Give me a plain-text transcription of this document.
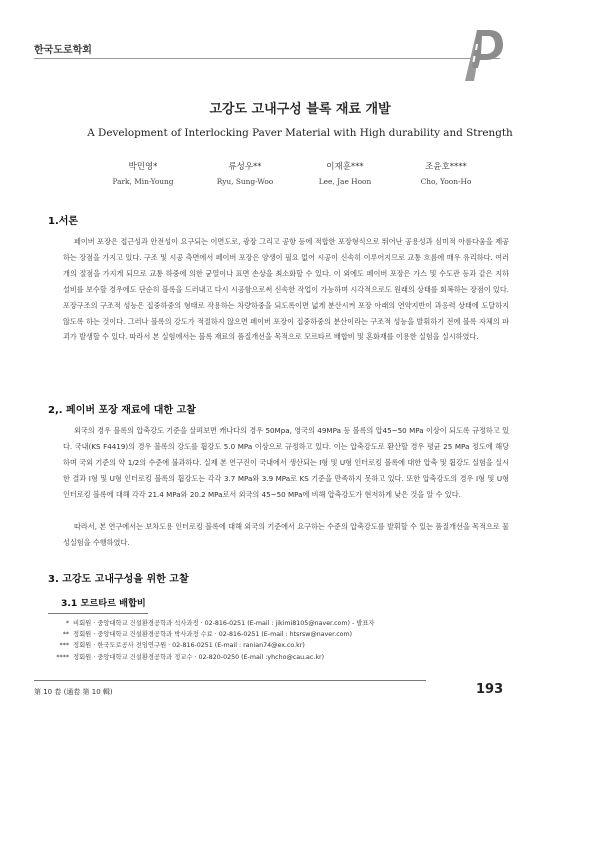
한국도로학회
고강도 고내구성 블록 재료 개발
A Development of Interlocking Paver Material with High durability and Strength
박민영*
Park, Min-Young
류성우**
Ryu, Sung-Woo
이재훈***
Lee, Jae Hoon
조윤호****
Cho, Yoon-Ho
1.서론
페이버 포장은 접근성과 안전성이 요구되는 이면도로, 광장 그리고 공항 등에 적합한 포장형식으로 뛰어난 공용성과 심미적 아름다움을 제공하는 장점을 가지고 있다. 구조 및 시공 측면에서 페이버 포장은 양생이 필요 없어 시공이 신속히 이루어지므로 교통 흐름에 매우 유리하다. 여러 개의 절점을 가지게 되므로 교통 하중에 의한 균열이나 표면 손상을 최소화할 수 있다. 이 외에도 페이버 포장은 가스 및 수도관 등과 같은 지하 설비를 보수할 경우에도 단순히 블록을 드러내고 다시 시공함으로써 신속한 작업이 가능하며 시각적으로도 원래의 상태를 회복하는 장점이 있다. 포장구조의 구조적 성능은 집중하중의 형태로 작용하는 차량하중을 되도록이면 넓게 분산시켜 포장 아래의 연약지반이 과응력 상태에 도달하지 않도록 하는 것이다. 그러나 블록의 강도가 적절하지 않으면 페이버 포장이 집중하중의 분산이라는 구조적 성능을 발휘하기 전에 블록 자체의 파괴가 발생할 수 있다. 따라서 본 실험에서는 블록 재료의 품질개선을 목적으로 모르타르 배합비 및 혼화재를 이용한 실험을 실시하였다.
2,. 페이버 포장 재료에 대한 고찰
외국의 경우 블록의 압축강도 기준을 살펴보면 캐나다의 경우 50Mpa, 영국의 49MPa 등 블록의 압45~50 MPa 이상이 되도록 규정하고 있다. 국내(KS F4419)의 경우 블록의 강도를 휨강도 5.0 MPa 이상으로 규정하고 있다. 이는 압축강도로 환산할 경우 평균 25 MPa 정도에 해당하며 국외 기준의 약 1/2의 수준에 불과하다. 실제 본 연구진이 국내에서 생산되는 I형 및 U형 인터로킹 블록에 대한 압축 및 휨강도 실험을 실시한 결과 I형 및 U형 인터로킹 블록의 휨강도는 각각 3.7 MPa와 3.9 MPa로 KS 기준을 만족하지 못하고 있다. 또한 압축강도의 경우 I형 및 U형 인터로킹 블록에 대해 각각 21.4 MPa와 20.2 MPa로서 외국의 45~50 MPa에 비해 압축강도가 현저하게 낮은 것을 알 수 있다.
따라서, 본 연구에서는 보차도용 인터로킹 블록에 대해 외국의 기준에서 요구하는 수준의 압축강도를 발휘할 수 있는 품질개선을 목적으로 물성실험을 수행하였다.
3. 고강도 고내구성을 위한 고찰
3.1 모르타르 배합비
* 비회원 · 중앙대학교 건설환경공학과 석사과정 · 02-816-0251 (E-mail : jikimi8105@naver.com) - 발표자
** 정회원 · 중앙대학교 건설환경공학과 박사과정 수료 · 02-816-0251 (E-mail : htsrsw@naver.com)
*** 정회원 · 한국도로공사 전임연구원 · 02-816-0251 (E-mail : ranian74@ex.co.kr)
**** 정회원 · 중앙대학교 건설환경공학과 정교수 · 02-820-0250 (E-mail :yhcho@cau.ac.kr)
第 10 卷 (通卷 第 10 輯)	193
